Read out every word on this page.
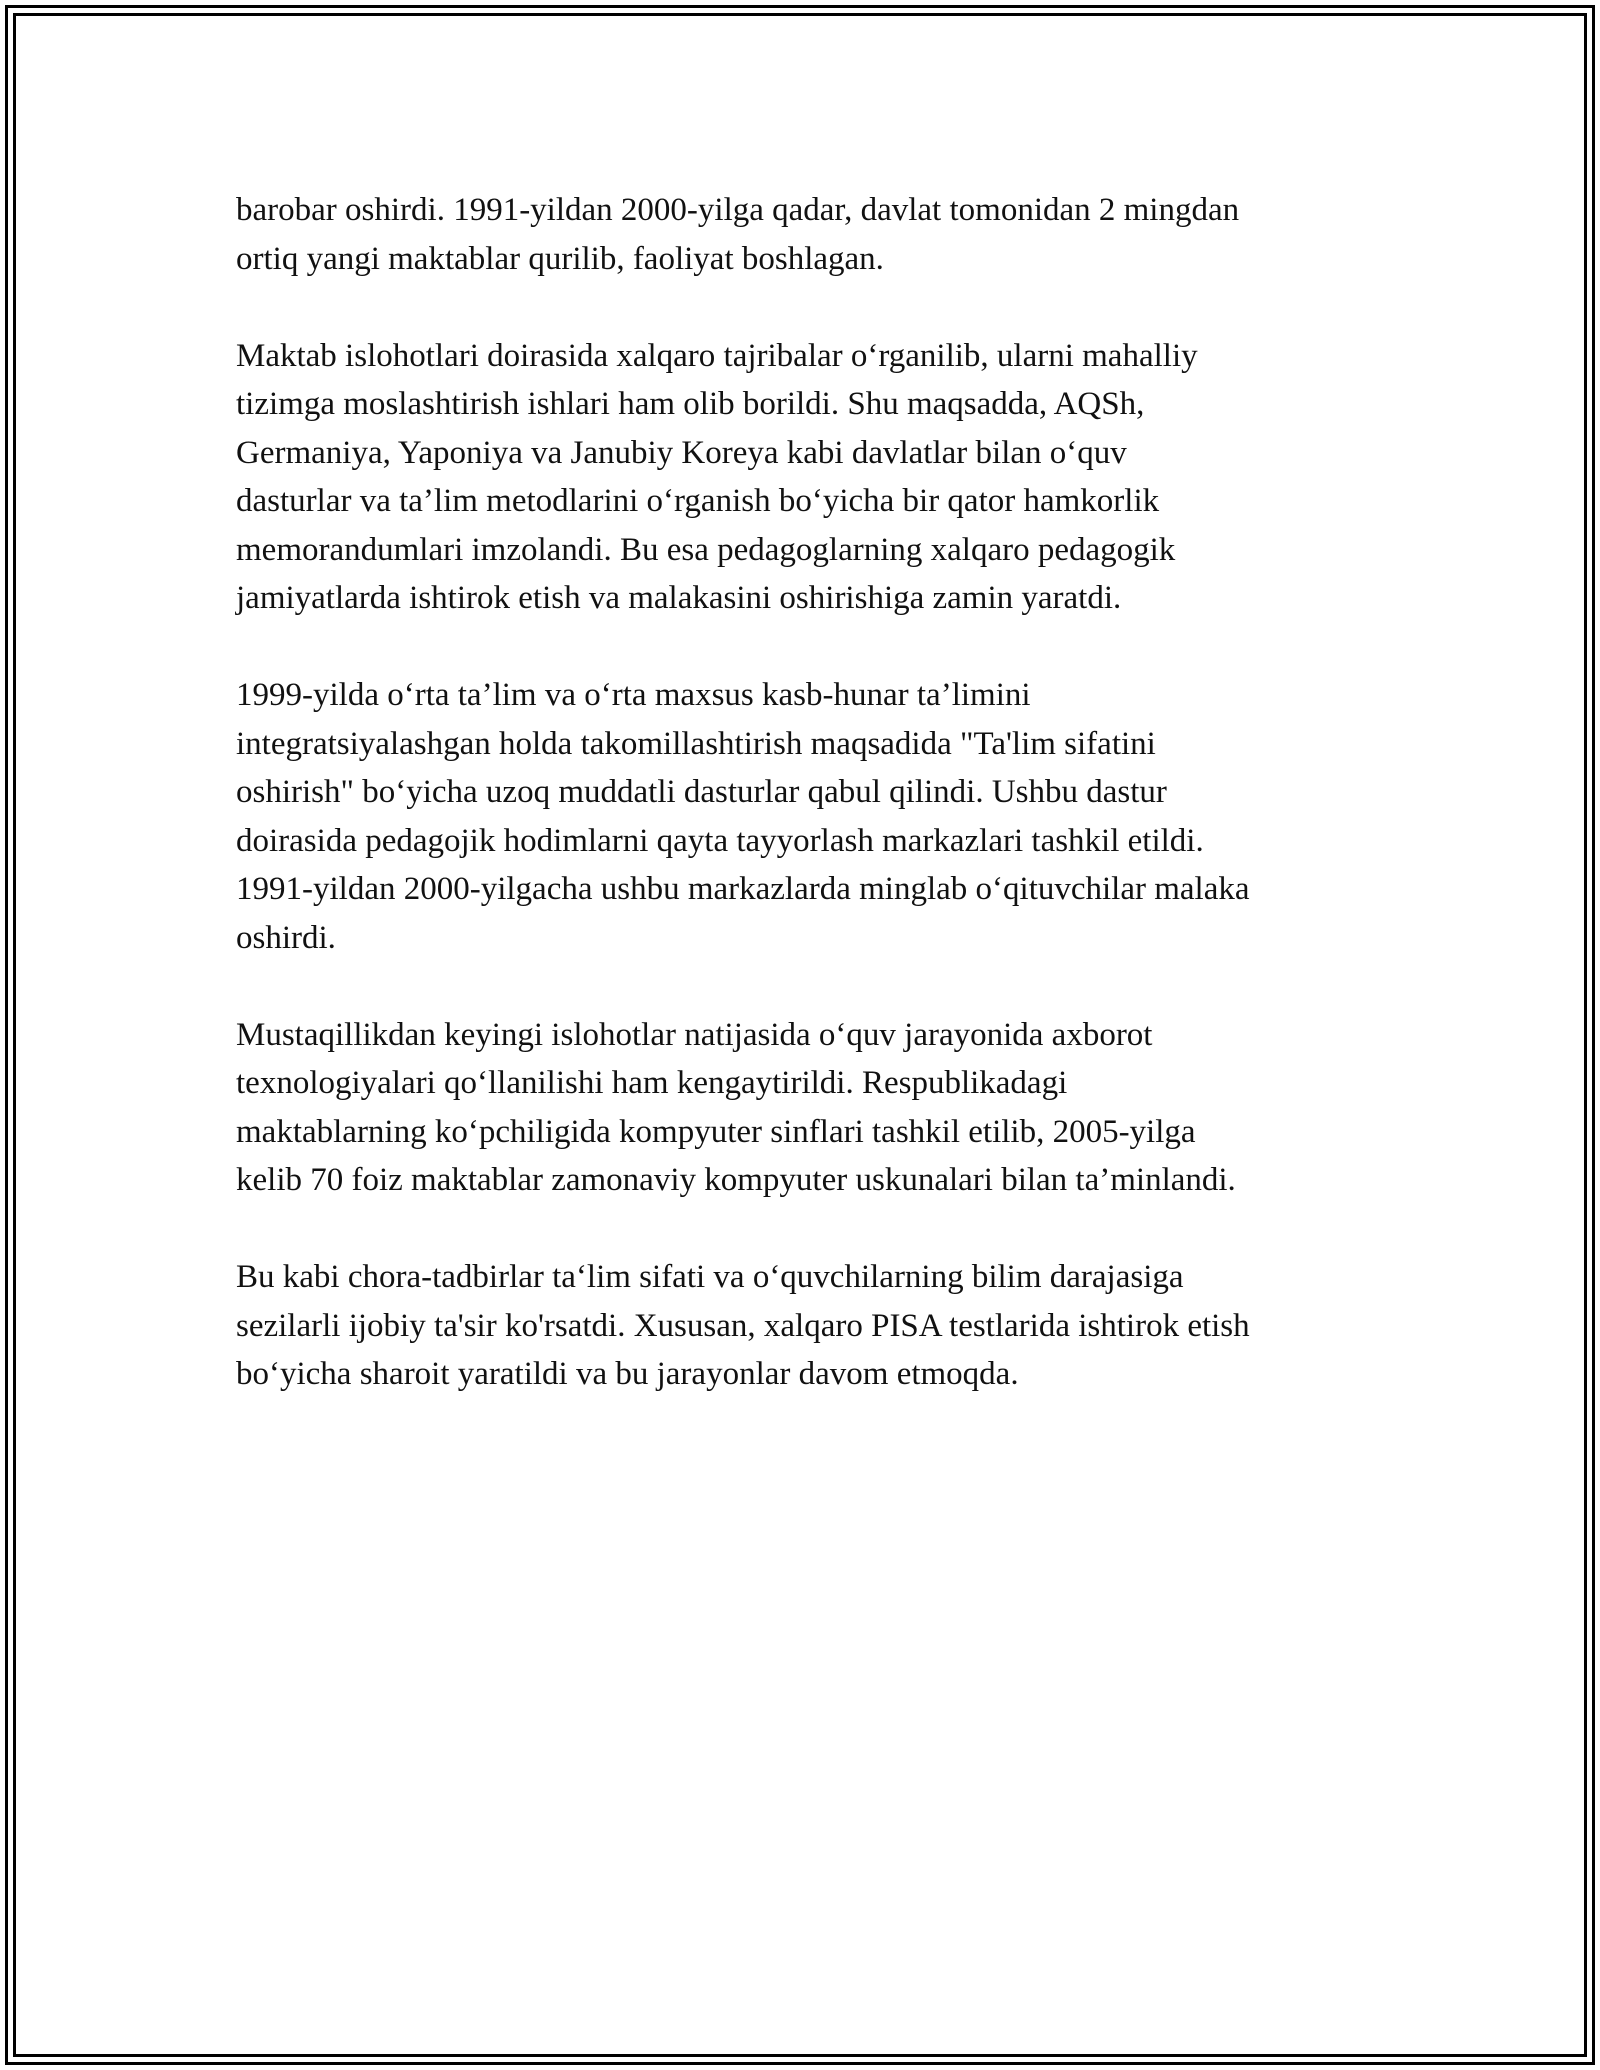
barobar oshirdi. 1991-yildan 2000-yilga qadar, davlat tomonidan 2 mingdan
ortiq yangi maktablar qurilib, faoliyat boshlagan.

Maktab islohotlari doirasida xalqaro tajribalar o‘rganilib, ularni mahalliy
tizimga moslashtirish ishlari ham olib borildi. Shu maqsadda, AQSh,
Germaniya, Yaponiya va Janubiy Koreya kabi davlatlar bilan o‘quv
dasturlar va ta’lim metodlarini o‘rganish bo‘yicha bir qator hamkorlik
memorandumlari imzolandi. Bu esa pedagoglarning xalqaro pedagogik
jamiyatlarda ishtirok etish va malakasini oshirishiga zamin yaratdi.

1999-yilda o‘rta ta’lim va o‘rta maxsus kasb-hunar ta’limini
integratsiyalashgan holda takomillashtirish maqsadida "Ta'lim sifatini
oshirish" bo‘yicha uzoq muddatli dasturlar qabul qilindi. Ushbu dastur
doirasida pedagojik hodimlarni qayta tayyorlash markazlari tashkil etildi.
1991-yildan 2000-yilgacha ushbu markazlarda minglab o‘qituvchilar malaka
oshirdi.

Mustaqillikdan keyingi islohotlar natijasida o‘quv jarayonida axborot
texnologiyalari qo‘llanilishi ham kengaytirildi. Respublikadagi
maktablarning ko‘pchiligida kompyuter sinflari tashkil etilib, 2005-yilga
kelib 70 foiz maktablar zamonaviy kompyuter uskunalari bilan ta’minlandi.

Bu kabi chora-tadbirlar ta‘lim sifati va o‘quvchilarning bilim darajasiga
sezilarli ijobiy ta'sir ko'rsatdi. Xususan, xalqaro PISA testlarida ishtirok etish
bo‘yicha sharoit yaratildi va bu jarayonlar davom etmoqda.
